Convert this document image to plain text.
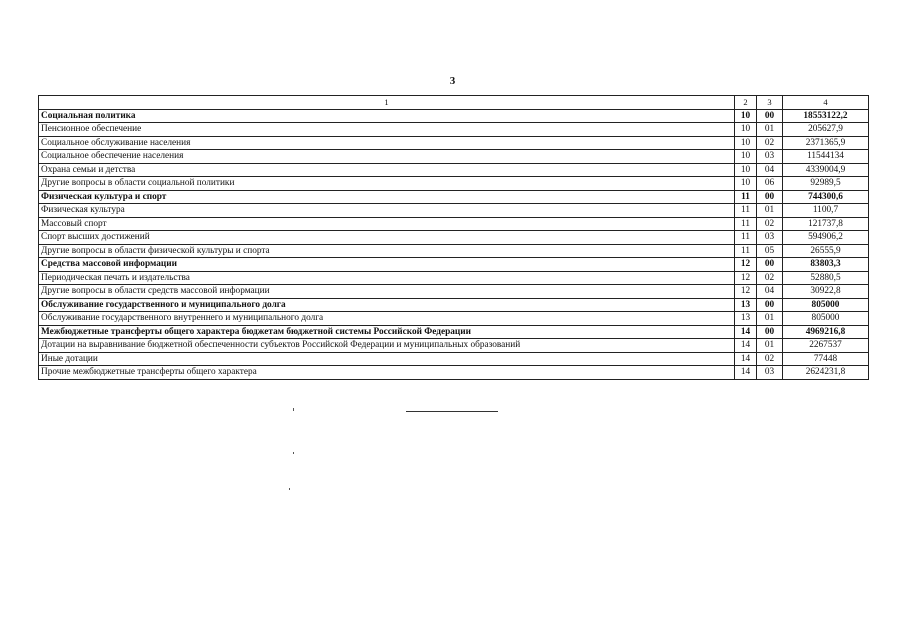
3
1	2	3	4
Социальная политика	10	00	18553122,2
Пенсионное обеспечение	10	01	205627,9
Социальное обслуживание населения	10	02	2371365,9
Социальное обеспечение населения	10	03	11544134
Охрана семьи и детства	10	04	4339004,9
Другие вопросы в области социальной политики	10	06	92989,5
Физическая культура и спорт	11	00	744300,6
Физическая культура	11	01	1100,7
Массовый спорт	11	02	121737,8
Спорт высших достижений	11	03	594906,2
Другие вопросы в области физической культуры и спорта	11	05	26555,9
Средства массовой информации	12	00	83803,3
Периодическая печать и издательства	12	02	52880,5
Другие вопросы в области средств массовой информации	12	04	30922,8
Обслуживание государственного и муниципального долга	13	00	805000
Обслуживание государственного внутреннего и муниципального долга	13	01	805000
Межбюджетные трансферты общего характера бюджетам бюджетной системы Российской Федерации	14	00	4969216,8
Дотации на выравнивание бюджетной обеспеченности субъектов Российской Федерации и муниципальных образований	14	01	2267537
Иные дотации	14	02	77448
Прочие межбюджетные трансферты общего характера	14	03	2624231,8
